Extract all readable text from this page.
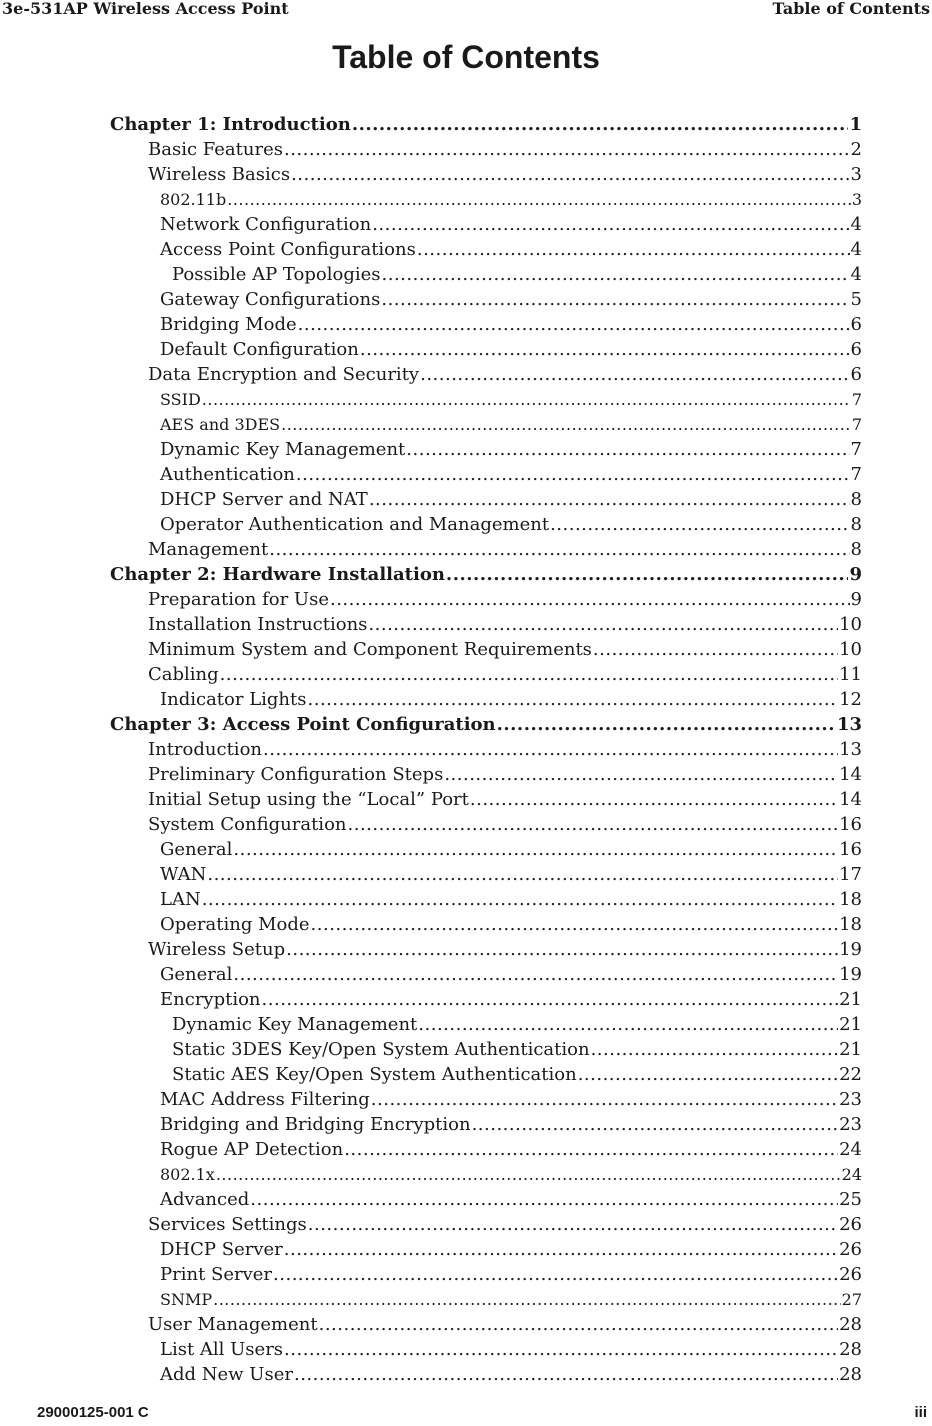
3e-531AP Wireless Access Point	Table of Contents
Table of Contents
Chapter 1: Introduction .....	1
Basic Features .....	2
Wireless Basics .....	3
802.11b .....	3
Network Configuration .....	4
Access Point Configurations .....	4
Possible AP Topologies .....	4
Gateway Configurations .....	5
Bridging Mode .....	6
Default Configuration .....	6
Data Encryption and Security .....	6
SSID .....	7
AES and 3DES .....	7
Dynamic Key Management .....	7
Authentication .....	7
DHCP Server and NAT .....	8
Operator Authentication and Management .....	8
Management .....	8
Chapter 2: Hardware Installation .....	9
Preparation for Use .....	9
Installation Instructions .....	10
Minimum System and Component Requirements .....	10
Cabling .....	11
Indicator Lights .....	12
Chapter 3: Access Point Configuration .....	13
Introduction .....	13
Preliminary Configuration Steps .....	14
Initial Setup using the “Local” Port .....	14
System Configuration .....	16
General .....	16
WAN .....	17
LAN .....	18
Operating Mode .....	18
Wireless Setup .....	19
General .....	19
Encryption .....	21
Dynamic Key Management .....	21
Static 3DES Key/Open System Authentication .....	21
Static AES Key/Open System Authentication .....	22
MAC Address Filtering .....	23
Bridging and Bridging Encryption .....	23
Rogue AP Detection .....	24
802.1x .....	24
Advanced .....	25
Services Settings .....	26
DHCP Server .....	26
Print Server .....	26
SNMP .....	27
User Management .....	28
List All Users .....	28
Add New User .....	28
29000125-001 C	iii
